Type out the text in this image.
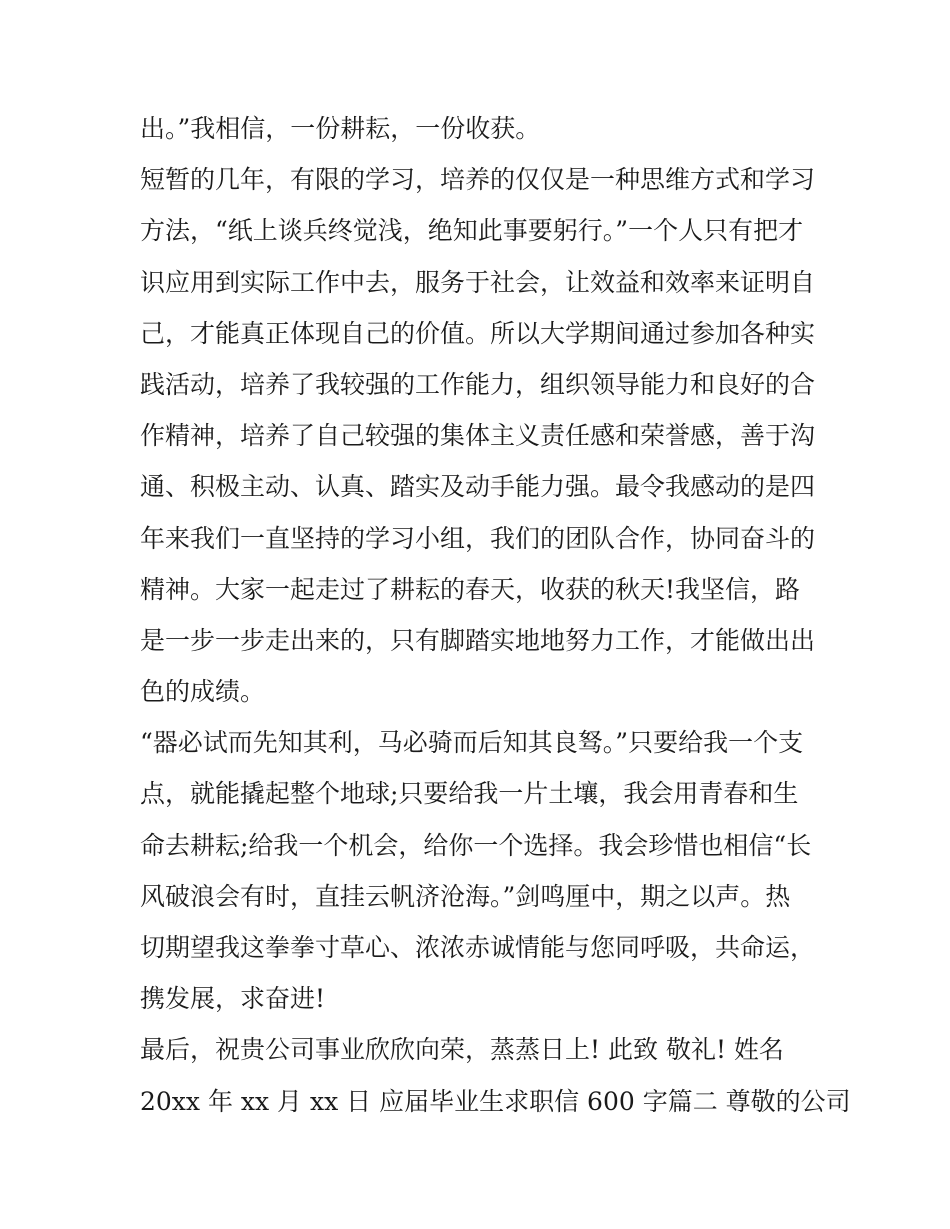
出。”我相信，一份耕耘，一份收获。
短暂的几年，有限的学习，培养的仅仅是一种思维方式和学习
方法，“纸上谈兵终觉浅，绝知此事要躬行。”一个人只有把才
识应用到实际工作中去，服务于社会，让效益和效率来证明自
己，才能真正体现自己的价值。所以大学期间通过参加各种实
践活动，培养了我较强的工作能力，组织领导能力和良好的合
作精神，培养了自己较强的集体主义责任感和荣誉感，善于沟
通、积极主动、认真、踏实及动手能力强。最令我感动的是四
年来我们一直坚持的学习小组，我们的团队合作，协同奋斗的
精神。大家一起走过了耕耘的春天，收获的秋天!我坚信，路
是一步一步走出来的，只有脚踏实地地努力工作，才能做出出
色的成绩。
“器必试而先知其利，马必骑而后知其良驽。”只要给我一个支
点，就能撬起整个地球;只要给我一片土壤，我会用青春和生
命去耕耘;给我一个机会，给你一个选择。我会珍惜也相信“长
风破浪会有时，直挂云帆济沧海。”剑鸣厘中，期之以声。热
切期望我这拳拳寸草心、浓浓赤诚情能与您同呼吸，共命运，
携发展，求奋进!
最后，祝贵公司事业欣欣向荣，蒸蒸日上! 此致 敬礼! 姓名
20xx 年 xx 月 xx 日 应届毕业生求职信 600 字篇二 尊敬的公司
